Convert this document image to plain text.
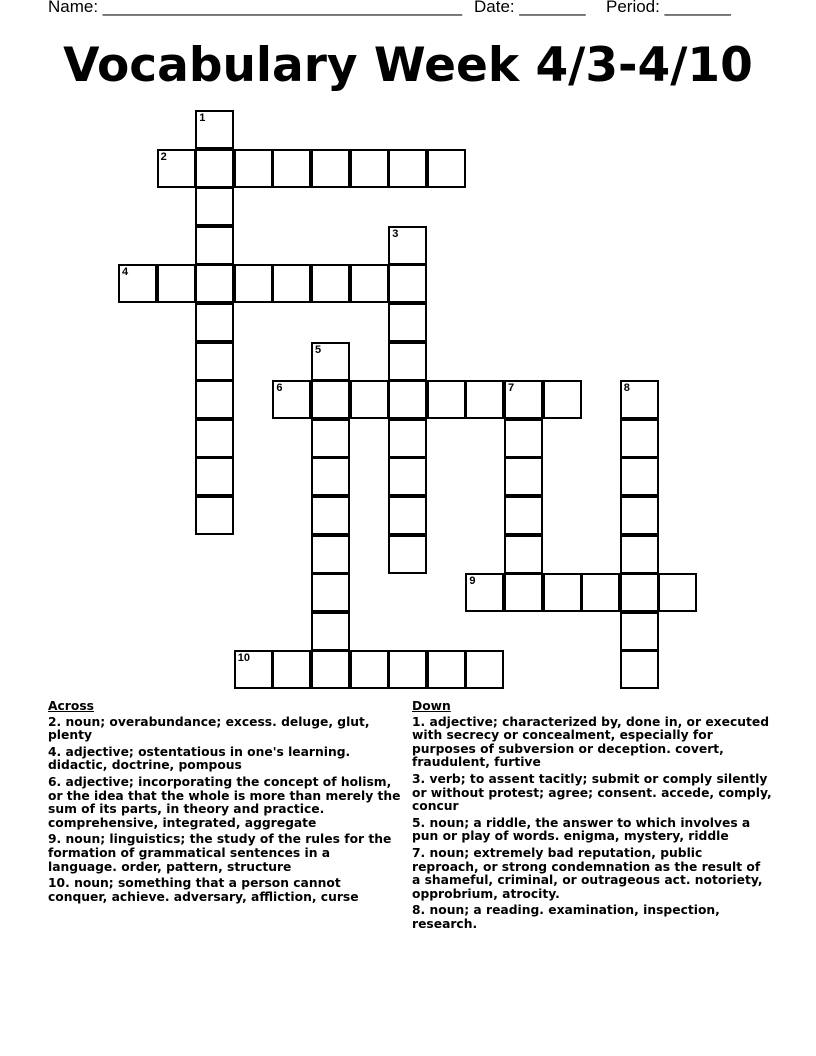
Name: ______________________________________

Date: _______

Period: _______

Vocabulary Week 4/3-4/10
1
2
3
4
5
6	7	8
9
10
Across
2. noun; overabundance; excess. deluge, glut, plenty
4. adjective; ostentatious in one's learning. didactic, doctrine, pompous
6. adjective; incorporating the concept of holism, or the idea that the whole is more than merely the sum of its parts, in theory and practice. comprehensive, integrated, aggregate
9. noun; linguistics; the study of the rules for the formation of grammatical sentences in a language. order, pattern, structure
10. noun; something that a person cannot conquer, achieve. adversary, affliction, curse
Down
1. adjective; characterized by, done in, or executed with secrecy or concealment, especially for purposes of subversion or deception. covert, fraudulent, furtive
3. verb; to assent tacitly; submit or comply silently or without protest; agree; consent. accede, comply, concur
5. noun; a riddle, the answer to which involves a pun or play of words. enigma, mystery, riddle
7. noun; extremely bad reputation, public reproach, or strong condemnation as the result of a shameful, criminal, or outrageous act. notoriety, opprobrium, atrocity.
8. noun; a reading. examination, inspection, research.
